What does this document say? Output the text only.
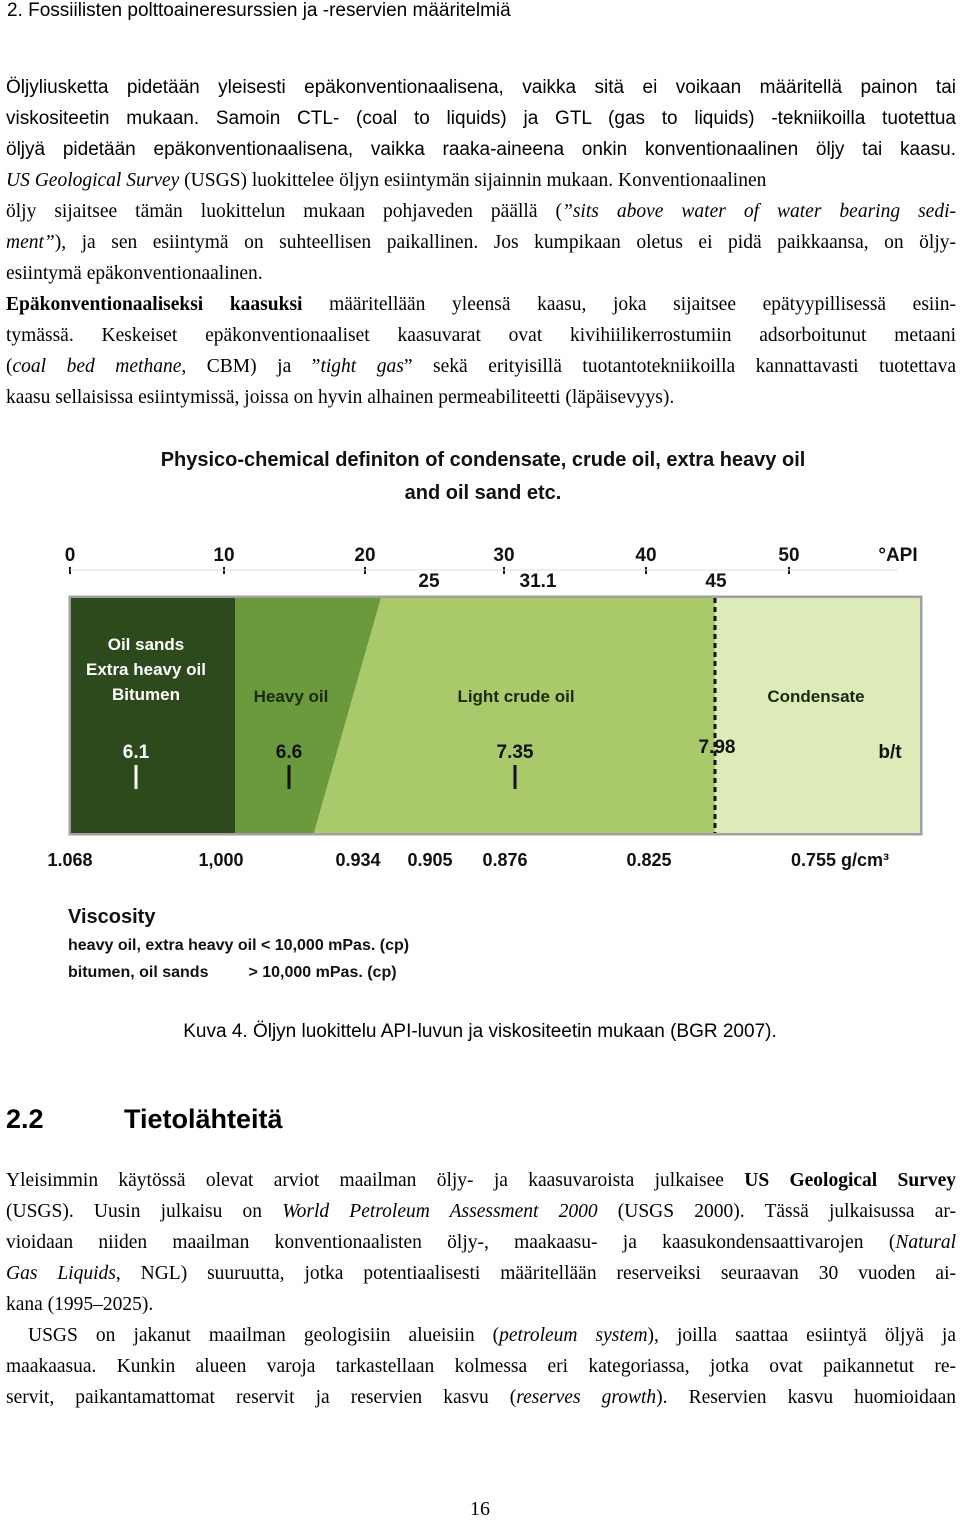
2. Fossiilisten polttoaineresurssien ja -reservien määritelmiä
Öljyliusketta pidetään yleisesti epäkonventionaalisena, vaikka sitä ei voikaan määritellä painon tai
viskositeetin mukaan. Samoin CTL- (coal to liquids) ja GTL (gas to liquids) -tekniikoilla tuotettua
öljyä pidetään epäkonventionaalisena, vaikka raaka-aineena onkin konventionaalinen öljy tai kaasu.
US Geological Survey (USGS) luokittelee öljyn esiintymän sijainnin mukaan. Konventionaalinen
öljy sijaitsee tämän luokittelun mukaan pohjaveden päällä (”sits above water of water bearing sedi-
ment”), ja sen esiintymä on suhteellisen paikallinen. Jos kumpikaan oletus ei pidä paikkaansa, on öljy-
esiintymä epäkonventionaalinen.
Epäkonventionaaliseksi kaasuksi määritellään yleensä kaasu, joka sijaitsee epätyypillisessä esiin-
tymässä. Keskeiset epäkonventionaaliset kaasuvarat ovat kivihiilikerrostumiin adsorboitunut metaani
(coal bed methane, CBM) ja ”tight gas” sekä erityisillä tuotantotekniikoilla kannattavasti tuotettava
kaasu sellaisissa esiintymissä, joissa on hyvin alhainen permeabiliteetti (läpäisevyys).
Physico-chemical definiton of condensate, crude oil, extra heavy oil
and oil sand etc.
0	10	20	30	40	50	°API
25	31.1	45
Oil sands
Extra heavy oil
Bitumen	Heavy oil	Light crude oil	Condensate
6.1	6.6	7.35	7.98	b/t
1.068	1,000	0.934 0.905 0.876	0.825	0.755 g/cm³
Viscosity
heavy oil, extra heavy oil < 10,000 mPas. (cp)
bitumen, oil sands         > 10,000 mPas. (cp)
Kuva 4. Öljyn luokittelu API-luvun ja viskositeetin mukaan (BGR 2007).
2.2	Tietolähteitä
Yleisimmin käytössä olevat arviot maailman öljy- ja kaasuvaroista julkaisee US Geological Survey
(USGS). Uusin julkaisu on World Petroleum Assessment 2000 (USGS 2000). Tässä julkaisussa ar-
vioidaan niiden maailman konventionaalisten öljy-, maakaasu- ja kaasukondensaattivarojen (Natural
Gas Liquids, NGL) suuruutta, jotka potentiaalisesti määritellään reserveiksi seuraavan 30 vuoden ai-
kana (1995–2025).
USGS on jakanut maailman geologisiin alueisiin (petroleum system), joilla saattaa esiintyä öljyä ja
maakaasua. Kunkin alueen varoja tarkastellaan kolmessa eri kategoriassa, jotka ovat paikannetut re-
servit, paikantamattomat reservit ja reservien kasvu (reserves growth). Reservien kasvu huomioidaan
16
